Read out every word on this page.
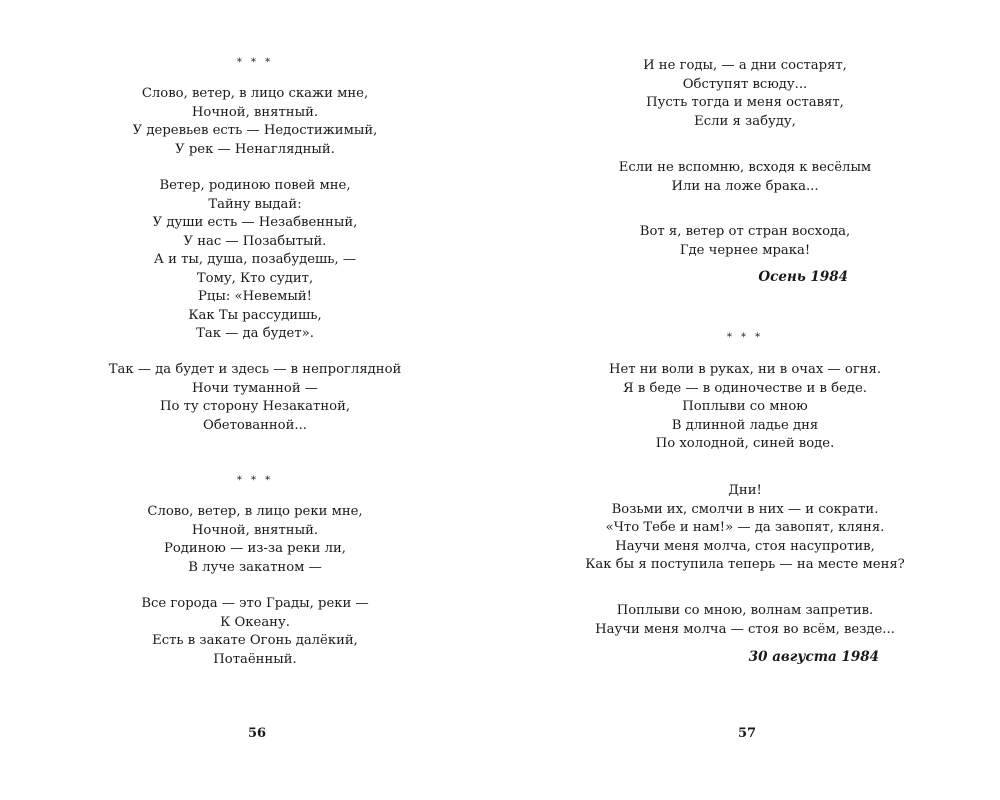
56
* * *
Слово, ветер, в лицо скажи мне,
Ночной, внятный.
У деревьев есть — Недостижимый,
У рек — Ненаглядный.
Ветер, родиною повей мне,
Тайну выдай:
У души есть — Незабвенный,
У нас — Позабытый.
А и ты, душа, позабудешь, —
Тому, Кто судит,
Рцы: «Невемый!
Как Ты рассудишь,
Так — да будет».
Так — да будет и здесь — в непроглядной
Ночи туманной —
По ту сторону Незакатной,
Обетованной...
* * *
Слово, ветер, в лицо реки мне,
Ночной, внятный.
Родиною — из-за реки ли,
В луче закатном —
Все города — это Грады, реки —
К Океану.
Есть в закате Огонь далёкий,
Потаённый.
57
И не годы, — а дни состарят,
Обступят всюду...
Пусть тогда и меня оставят,
Если я забуду,
Если не вспомню, всходя к весёлым
Или на ложе брака...
Вот я, ветер от стран восхода,
Где чернее мрака!
Осень 1984
* * *
Нет ни воли в руках, ни в очах — огня.
Я в беде — в одиночестве и в беде.
Поплыви со мною
В длинной ладье дня
По холодной, синей воде.
Дни!
Возьми их, смолчи в них — и сократи.
«Что Тебе и нам!» — да завопят, кляня.
Научи меня молча, стоя насупротив,
Как бы я поступила теперь — на месте меня?
Поплыви со мною, волнам запретив.
Научи меня молча — стоя во всём, везде...
30 августа 1984
